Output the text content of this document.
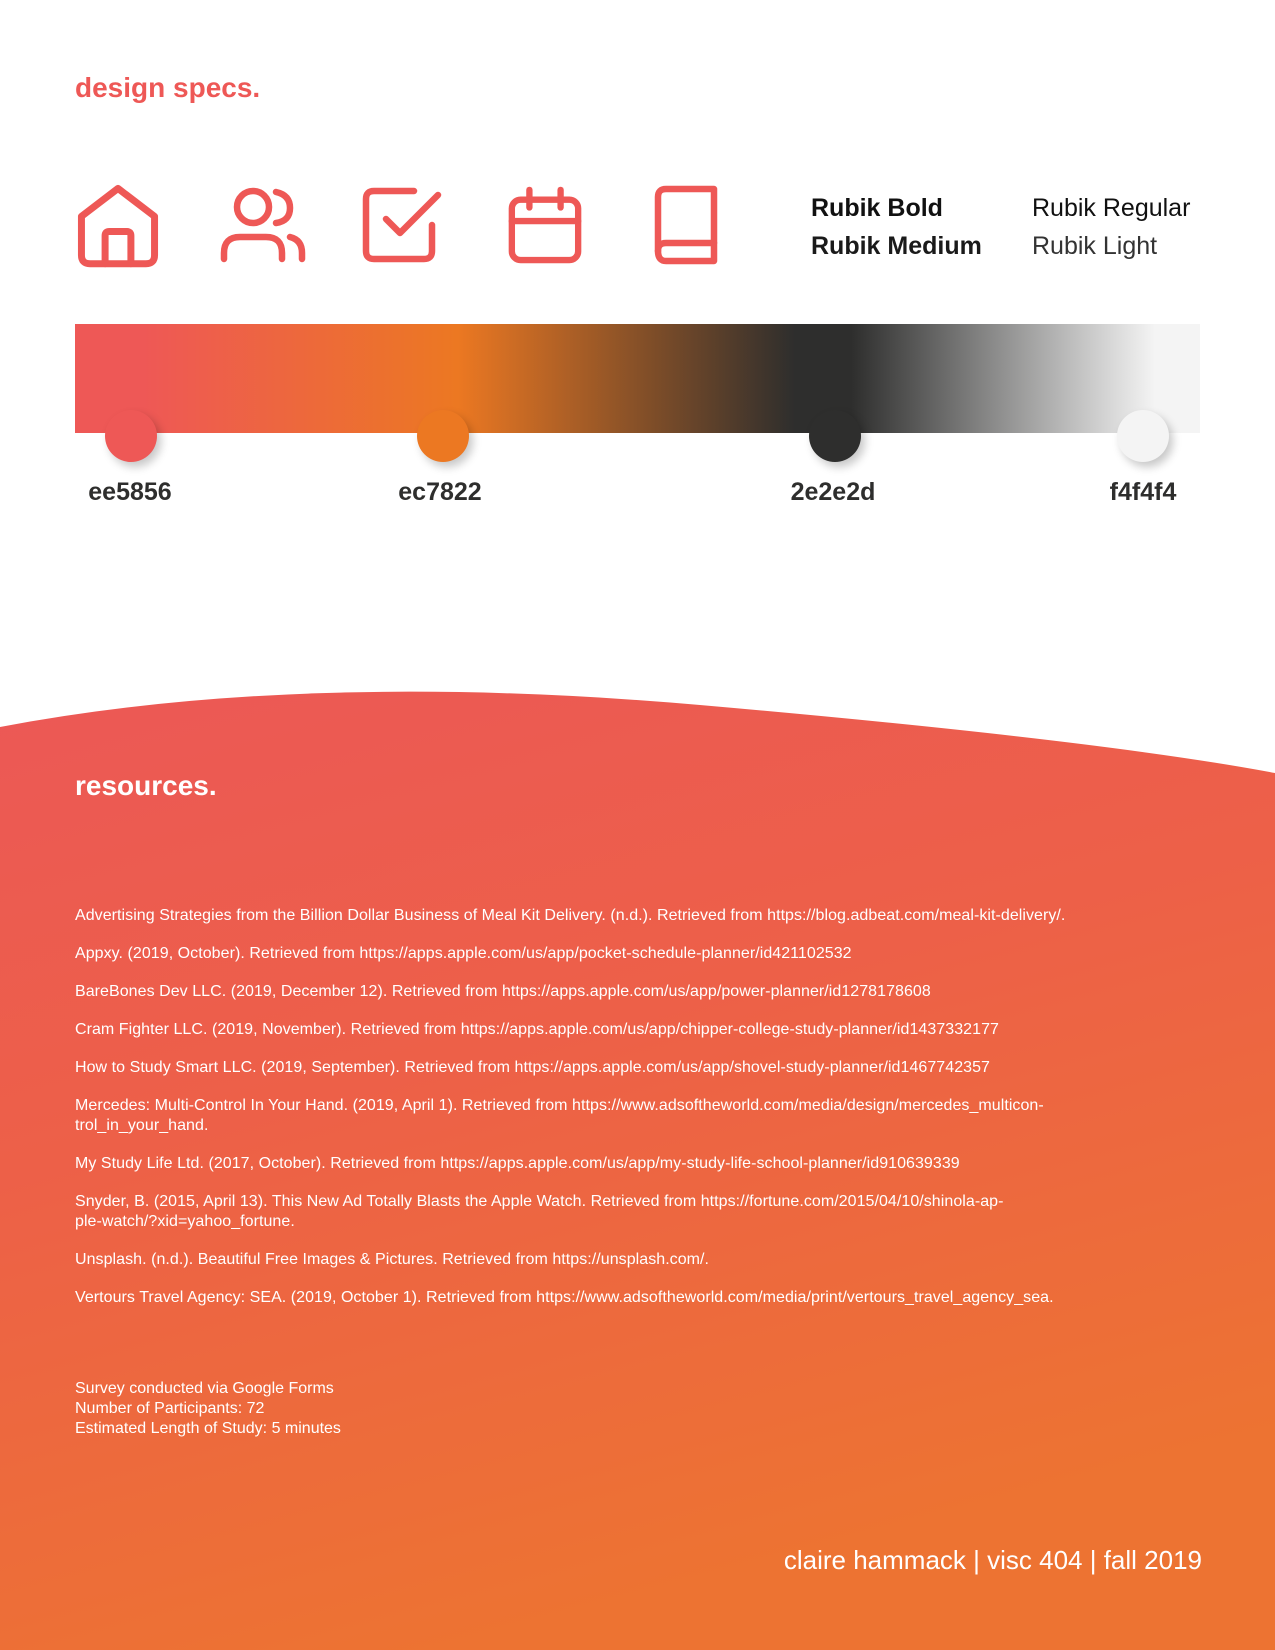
design specs.
Rubik Bold	Rubik Regular
Rubik Medium Rubik Light
ee5856	ec7822	2e2e2d	f4f4f4
resources.

Advertising Strategies from the Billion Dollar Business of Meal Kit Delivery. (n.d.). Retrieved from https://blog.adbeat.com/meal-kit-delivery/.

Appxy. (2019, October). Retrieved from https://apps.apple.com/us/app/pocket-schedule-planner/id421102532

BareBones Dev LLC. (2019, December 12). Retrieved from https://apps.apple.com/us/app/power-planner/id1278178608

Cram Fighter LLC. (2019, November). Retrieved from https://apps.apple.com/us/app/chipper-college-study-planner/id1437332177

How to Study Smart LLC. (2019, September). Retrieved from https://apps.apple.com/us/app/shovel-study-planner/id1467742357

Mercedes: Multi-Control In Your Hand. (2019, April 1). Retrieved from https://www.adsoftheworld.com/media/design/mercedes_multicon-
trol_in_your_hand.

My Study Life Ltd. (2017, October). Retrieved from https://apps.apple.com/us/app/my-study-life-school-planner/id910639339

Snyder, B. (2015, April 13). This New Ad Totally Blasts the Apple Watch. Retrieved from https://fortune.com/2015/04/10/shinola-ap-
ple-watch/?xid=yahoo_fortune.

Unsplash. (n.d.). Beautiful Free Images & Pictures. Retrieved from https://unsplash.com/.

Vertours Travel Agency: SEA. (2019, October 1). Retrieved from https://www.adsoftheworld.com/media/print/vertours_travel_agency_sea.

Survey conducted via Google Forms
Number of Participants: 72
Estimated Length of Study: 5 minutes
claire hammack | visc 404 | fall 2019
